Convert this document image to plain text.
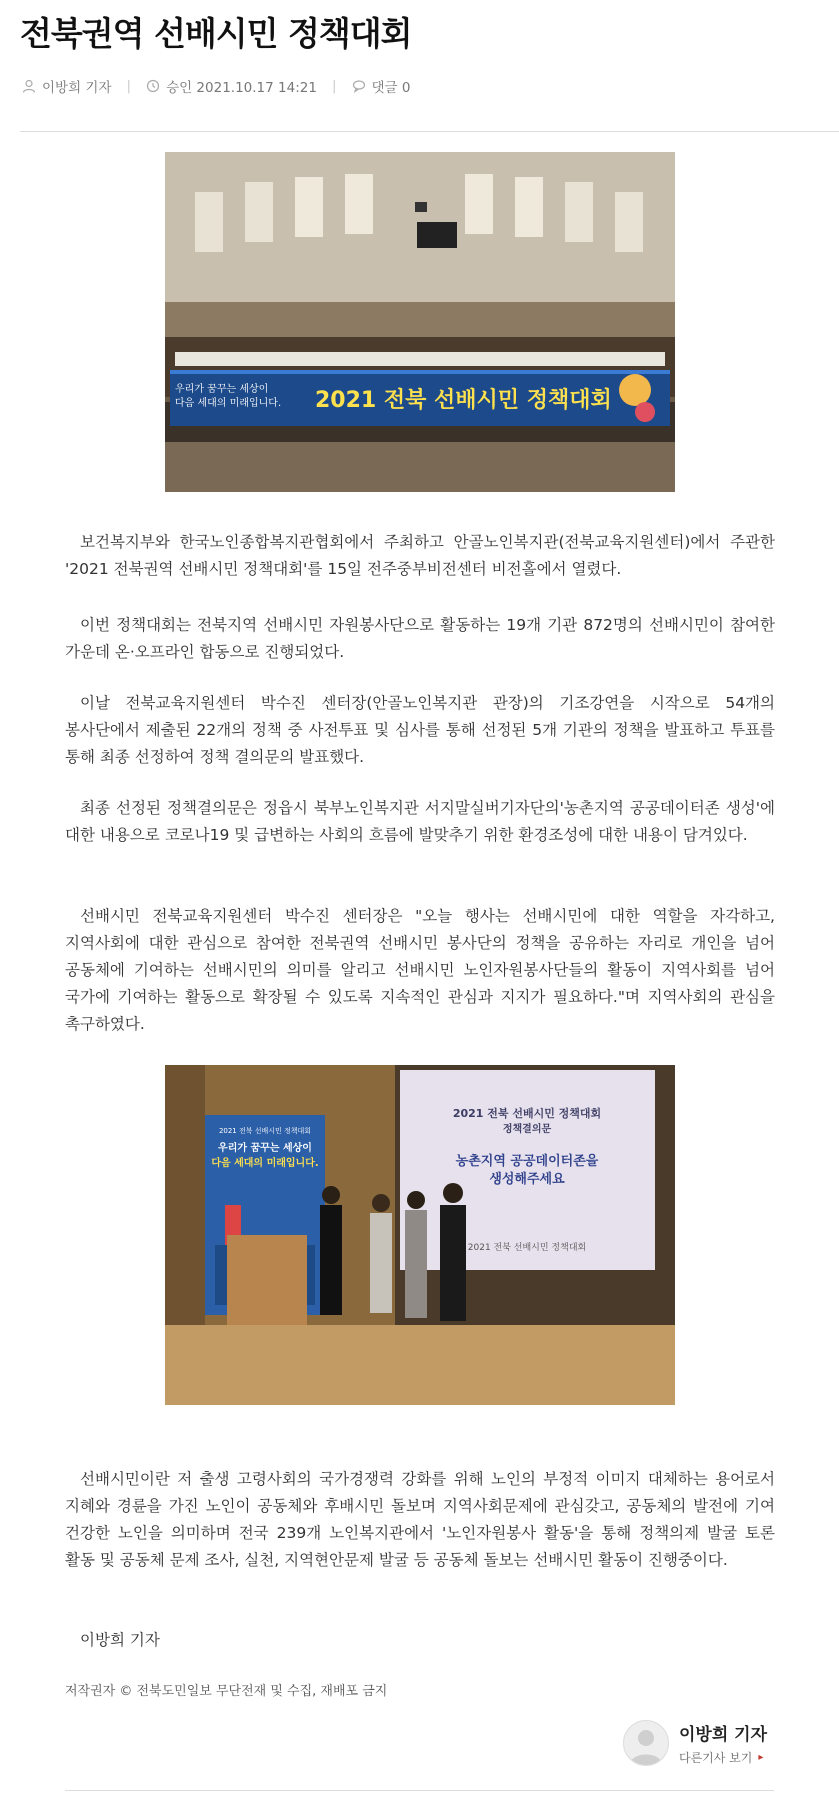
전북권역 선배시민 정책대회
이방희 기자 |	승인 2021.10.17 14:21 |	댓글 0
우리가 꿈꾸는 세상이
다음 세대의 미래입니다. 2021 전북 선배시민 정책대회

보건복지부와 한국노인종합복지관협회에서 주최하고 안골노인복지관(전북교육지원센터)에서 주관한 '2021 전북권역 선배시민 정책대회'를 15일 전주중부비전센터 비전홀에서 열렸다.

이번 정책대회는 전북지역 선배시민 자원봉사단으로 활동하는 19개 기관 872명의 선배시민이 참여한 가운데 온·오프라인 합동으로 진행되었다.

이날 전북교육지원센터 박수진 센터장(안골노인복지관 관장)의 기조강연을 시작으로 54개의 봉사단에서 제출된 22개의 정책 중 사전투표 및 심사를 통해 선정된 5개 기관의 정책을 발표하고 투표를 통해 최종 선정하여 정책 결의문의 발표했다.

최종 선정된 정책결의문은 정읍시 북부노인복지관 서지말실버기자단의'농촌지역 공공데이터존 생성'에 대한 내용으로 코로나19 및 급변하는 사회의 흐름에 발맞추기 위한 환경조성에 대한 내용이 담겨있다.

선배시민 전북교육지원센터 박수진 센터장은 "오늘 행사는 선배시민에 대한 역할을 자각하고, 지역사회에 대한 관심으로 참여한 전북권역 선배시민 봉사단의 정책을 공유하는 자리로 개인을 넘어 공동체에 기여하는 선배시민의 의미를 알리고 선배시민 노인자원봉사단들의 활동이 지역사회를 넘어 국가에 기여하는 활동으로 확장될 수 있도록 지속적인 관심과 지지가 필요하다."며 지역사회의 관심을 촉구하였다.

2021 전북 선배시민 정책대회
정책결의문
농촌지역 공공데이터존을
생성해주세요
2021 전북 선배시민 정책대회
2021 전북 선배시민 정책대회
우리가 꿈꾸는 세상이
다음 세대의 미래입니다.

선배시민이란 저 출생 고령사회의 국가경쟁력 강화를 위해 노인의 부정적 이미지 대체하는 용어로서 지혜와 경륜을 가진 노인이 공동체와 후배시민 돌보며 지역사회문제에 관심갖고, 공동체의 발전에 기여 건강한 노인을 의미하며 전국 239개 노인복지관에서 '노인자원봉사 활동'을 통해 정책의제 발굴 토론 활동 및 공동체 문제 조사, 실천, 지역현안문제 발굴 등 공동체 돌보는 선배시민 활동이 진행중이다.

이방희 기자

저작권자 © 전북도민일보 무단전재 및 수집, 재배포 금지

이방희 기자
다른기사 보기 ▸
